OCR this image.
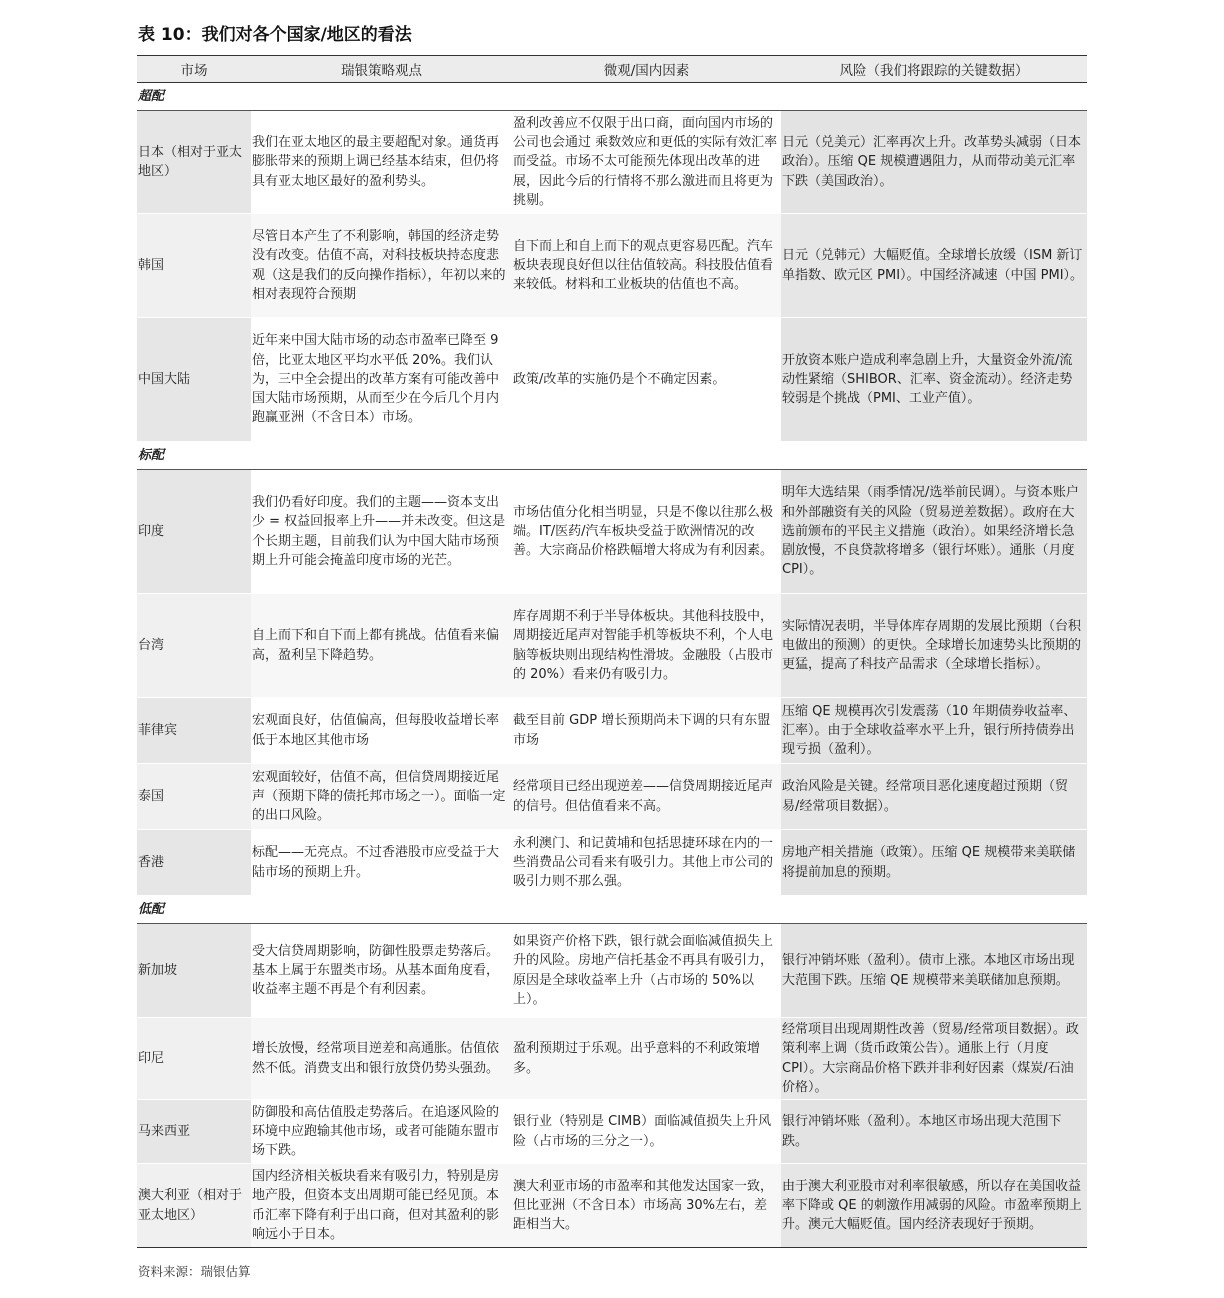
表 10：我们对各个国家/地区的看法
市场	瑞银策略观点	微观/国内因素	风险（我们将跟踪的关键数据）
超配			
日本（相对于亚太地区）	我们在亚太地区的最主要超配对象。通货再膨胀带来的预期上调已经基本结束，但仍将具有亚太地区最好的盈利势头。	盈利改善应不仅限于出口商，面向国内市场的公司也会通过 乘数效应和更低的实际有效汇率而受益。市场不太可能预先体现出改革的进展，因此今后的行情将不那么激进而且将更为挑剔。	日元（兑美元）汇率再次上升。改革势头减弱（日本政治）。压缩 QE 规模遭遇阻力，从而带动美元汇率下跌（美国政治）。
韩国	尽管日本产生了不利影响，韩国的经济走势没有改变。估值不高，对科技板块持态度悲观（这是我们的反向操作指标），年初以来的相对表现符合预期	自下而上和自上而下的观点更容易匹配。汽车板块表现良好但以往估值较高。科技股估值看来较低。材料和工业板块的估值也不高。	日元（兑韩元）大幅贬值。全球增长放缓（ISM 新订单指数、欧元区 PMI）。中国经济减速（中国 PMI）。
中国大陆	近年来中国大陆市场的动态市盈率已降至 9 倍，比亚太地区平均水平低 20%。我们认为，三中全会提出的改革方案有可能改善中国大陆市场预期，从而至少在今后几个月内跑赢亚洲（不含日本）市场。	政策/改革的实施仍是个不确定因素。	开放资本账户造成利率急剧上升，大量资金外流/流动性紧缩（SHIBOR、汇率、资金流动）。经济走势较弱是个挑战（PMI、工业产值）。
标配			
印度	我们仍看好印度。我们的主题——资本支出少 = 权益回报率上升——并未改变。但这是个长期主题，目前我们认为中国大陆市场预期上升可能会掩盖印度市场的光芒。	市场估值分化相当明显，只是不像以往那么极端。IT/医药/汽车板块受益于欧洲情况的改善。大宗商品价格跌幅增大将成为有利因素。	明年大选结果（雨季情况/选举前民调）。与资本账户和外部融资有关的风险（贸易逆差数据）。政府在大选前颁布的平民主义措施（政治）。如果经济增长急剧放慢，不良贷款将增多（银行坏账）。通胀（月度 CPI）。
台湾	自上而下和自下而上都有挑战。估值看来偏高，盈利呈下降趋势。	库存周期不利于半导体板块。其他科技股中，周期接近尾声对智能手机等板块不利，个人电脑等板块则出现结构性滑坡。金融股（占股市的 20%）看来仍有吸引力。	实际情况表明，半导体库存周期的发展比预期（台积电做出的预测）的更快。全球增长加速势头比预期的更猛，提高了科技产品需求（全球增长指标）。
菲律宾	宏观面良好，估值偏高，但每股收益增长率低于本地区其他市场	截至目前 GDP 增长预期尚未下调的只有东盟市场	压缩 QE 规模再次引发震荡（10 年期债券收益率、汇率）。由于全球收益率水平上升，银行所持债券出现亏损（盈利）。
泰国	宏观面较好，估值不高，但信贷周期接近尾声（预期下降的债托邦市场之一）。面临一定的出口风险。	经常项目已经出现逆差——信贷周期接近尾声的信号。但估值看来不高。	政治风险是关键。经常项目恶化速度超过预期（贸易/经常项目数据）。
香港	标配——无亮点。不过香港股市应受益于大陆市场的预期上升。	永利澳门、和记黄埔和包括思捷环球在内的一些消费品公司看来有吸引力。其他上市公司的吸引力则不那么强。	房地产相关措施（政策）。压缩 QE 规模带来美联储将提前加息的预期。
低配			
新加坡	受大信贷周期影响，防御性股票走势落后。基本上属于东盟类市场。从基本面角度看，收益率主题不再是个有利因素。	如果资产价格下跌，银行就会面临减值损失上升的风险。房地产信托基金不再具有吸引力，原因是全球收益率上升（占市场的 50%以上）。	银行冲销坏账（盈利）。债市上涨。本地区市场出现大范围下跌。压缩 QE 规模带来美联储加息预期。
印尼	增长放慢，经常项目逆差和高通胀。估值依然不低。消费支出和银行放贷仍势头强劲。	盈利预期过于乐观。出乎意料的不利政策增多。	经常项目出现周期性改善（贸易/经常项目数据）。政策利率上调（货币政策公告）。通胀上行（月度 CPI）。大宗商品价格下跌并非利好因素（煤炭/石油价格）。
马来西亚	防御股和高估值股走势落后。在追逐风险的环境中应跑输其他市场，或者可能随东盟市场下跌。	银行业（特别是 CIMB）面临减值损失上升风险（占市场的三分之一）。	银行冲销坏账（盈利）。本地区市场出现大范围下跌。
澳大利亚（相对于亚太地区）	国内经济相关板块看来有吸引力，特别是房地产股，但资本支出周期可能已经见顶。本币汇率下降有利于出口商，但对其盈利的影响远小于日本。	澳大利亚市场的市盈率和其他发达国家一致，但比亚洲（不含日本）市场高 30%左右，差距相当大。	由于澳大利亚股市对利率很敏感，所以存在美国收益率下降或 QE 的刺激作用减弱的风险。市盈率预期上升。澳元大幅贬值。国内经济表现好于预期。
资料来源：瑞银估算
